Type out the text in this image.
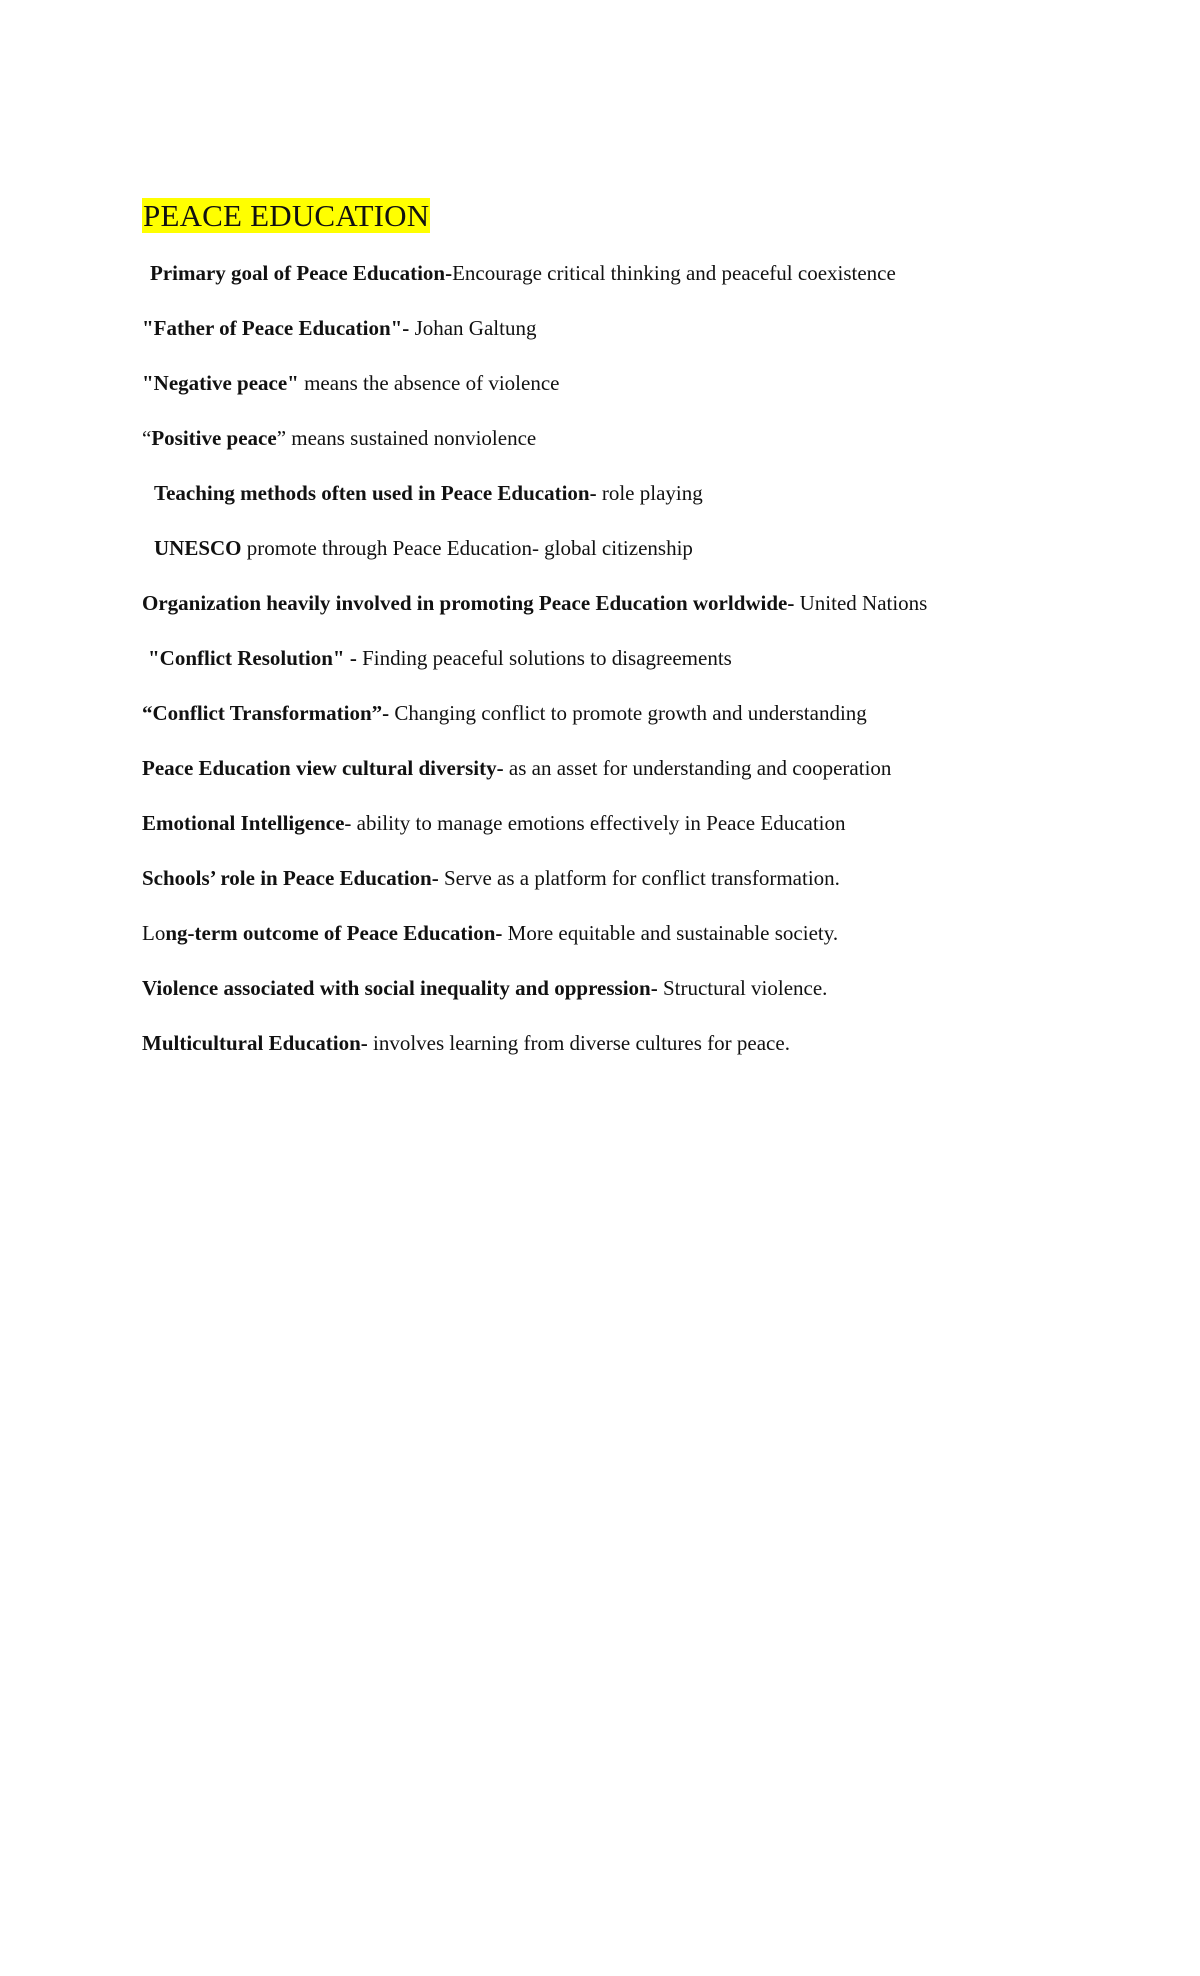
PEACE EDUCATION
Primary goal of Peace Education-Encourage critical thinking and peaceful coexistence
"Father of Peace Education"- Johan Galtung
"Negative peace" means the absence of violence
“Positive peace” means sustained nonviolence
Teaching methods often used in Peace Education- role playing
UNESCO promote through Peace Education- global citizenship
Organization heavily involved in promoting Peace Education worldwide- United Nations
"Conflict Resolution" - Finding peaceful solutions to disagreements
“Conflict Transformation”- Changing conflict to promote growth and understanding
Peace Education view cultural diversity- as an asset for understanding and cooperation
Emotional Intelligence- ability to manage emotions effectively in Peace Education
Schools’ role in Peace Education- Serve as a platform for conflict transformation.
Long-term outcome of Peace Education- More equitable and sustainable society.
Violence associated with social inequality and oppression- Structural violence.
Multicultural Education- involves learning from diverse cultures for peace.
